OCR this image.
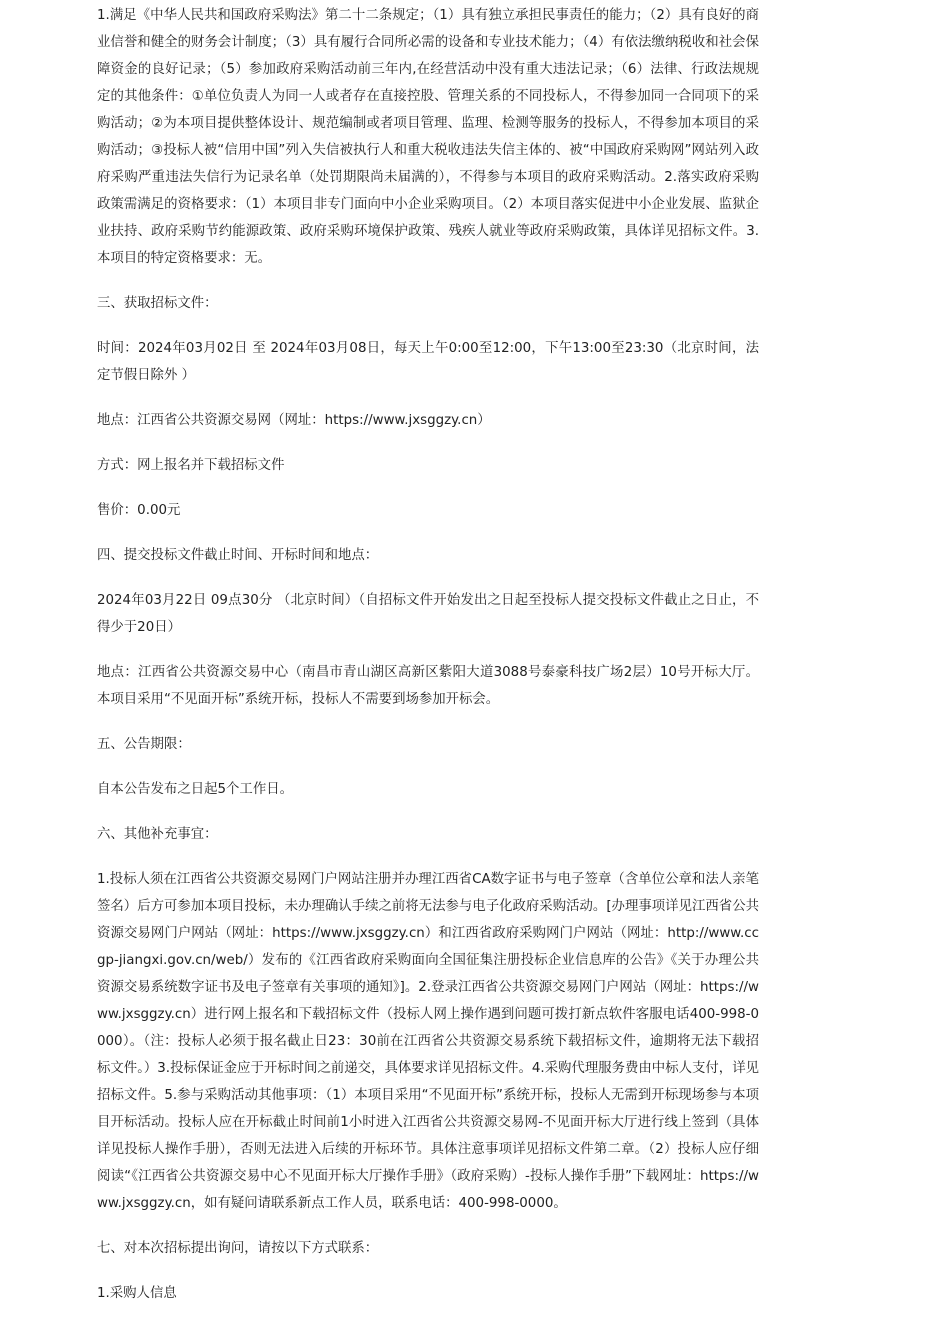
1.满足《中华人民共和国政府采购法》第二十二条规定；（1）具有独立承担民事责任的能力；（2）具有良好的商业信誉和健全的财务会计制度；（3）具有履行合同所必需的设备和专业技术能力；（4）有依法缴纳税收和社会保障资金的良好记录；（5）参加政府采购活动前三年内,在经营活动中没有重大违法记录；（6）法律、行政法规规定的其他条件：①单位负责人为同一人或者存在直接控股、管理关系的不同投标人，不得参加同一合同项下的采购活动；②为本项目提供整体设计、规范编制或者项目管理、监理、检测等服务的投标人，不得参加本项目的采购活动；③投标人被“信用中国”列入失信被执行人和重大税收违法失信主体的、被“中国政府采购网”网站列入政府采购严重违法失信行为记录名单（处罚期限尚未届满的），不得参与本项目的政府采购活动。2.落实政府采购政策需满足的资格要求：（1）本项目非专门面向中小企业采购项目。（2）本项目落实促进中小企业发展、监狱企业扶持、政府采购节约能源政策、政府采购环境保护政策、残疾人就业等政府采购政策，具体详见招标文件。3.本项目的特定资格要求：无。

三、获取招标文件：

时间：2024年03月02日 至 2024年03月08日，每天上午0:00至12:00，下午13:00至23:30（北京时间，法定节假日除外 ）

地点：江西省公共资源交易网（网址：https://www.jxsggzy.cn）

方式：网上报名并下载招标文件

售价：0.00元

四、提交投标文件截止时间、开标时间和地点：

2024年03月22日 09点30分 （北京时间）（自招标文件开始发出之日起至投标人提交投标文件截止之日止，不得少于20日）

地点：江西省公共资源交易中心（南昌市青山湖区高新区紫阳大道3088号泰豪科技广场2层）10号开标大厅。本项目采用“不见面开标”系统开标，投标人不需要到场参加开标会。

五、公告期限：

自本公告发布之日起5个工作日。

六、其他补充事宜：

1.投标人须在江西省公共资源交易网门户网站注册并办理江西省CA数字证书与电子签章（含单位公章和法人亲笔签名）后方可参加本项目投标，未办理确认手续之前将无法参与电子化政府采购活动。[办理事项详见江西省公共资源交易网门户网站（网址：https://www.jxsggzy.cn）和江西省政府采购网门户网站（网址：http://www.ccgp-jiangxi.gov.cn/web/）发布的《江西省政府采购面向全国征集注册投标企业信息库的公告》《关于办理公共资源交易系统数字证书及电子签章有关事项的通知》]。2.登录江西省公共资源交易网门户网站（网址：https://www.jxsggzy.cn）进行网上报名和下载招标文件（投标人网上操作遇到问题可拨打新点软件客服电话400-998-0000）。（注：投标人必须于报名截止日23：30前在江西省公共资源交易系统下载招标文件，逾期将无法下载招标文件。）3.投标保证金应于开标时间之前递交，具体要求详见招标文件。4.采购代理服务费由中标人支付，详见招标文件。5.参与采购活动其他事项：（1）本项目采用“不见面开标”系统开标，投标人无需到开标现场参与本项目开标活动。投标人应在开标截止时间前1小时进入江西省公共资源交易网-不见面开标大厅进行线上签到（具体详见投标人操作手册），否则无法进入后续的开标环节。具体注意事项详见招标文件第二章。（2）投标人应仔细阅读“《江西省公共资源交易中心不见面开标大厅操作手册》（政府采购）-投标人操作手册”下载网址：https://www.jxsggzy.cn，如有疑问请联系新点工作人员，联系电话：400-998-0000。

七、对本次招标提出询问，请按以下方式联系：

1.采购人信息
